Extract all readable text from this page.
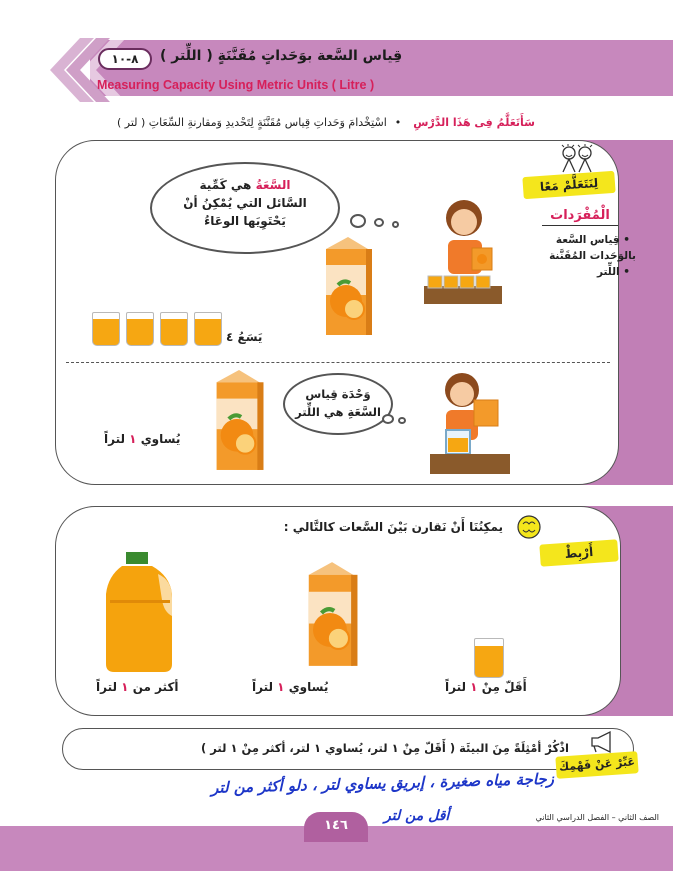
٨-١٠	قِياس السَّعة بوَحَداتٍ مُقَنَّنَةٍ ( اللِّتر )
Measuring Capacity Using Metric Units ( Litre )
سَأَتَعَلَّمُ فِى هَذَا الدَّرْسِ•اسْتِخْدامَ وَحَداتِ قِياس مُقَنَّنَةٍ لِتَحْديدِ وَمقارنةِ السِّعَاتِ ( لتر )
لِنَتَعَلَّمْ مَعًا
الْمُفْرَدات
• قِياس السَّعة
بالوَحَدات المُقَنَّنة
• اللِّتر
السَّعَةُ هي كَمِّية
السَّائل التي يُمْكِنُ أنْ
يَحْتَوِيَها الوعَاءُ
يَسَعُ ٤
وَحْدَة قِياس
السَّعَةِ هي اللِّتر
يُساوي ١ لتراً
أَرْبِطْ
يمكِنُنَا أَنْ نَقارن بَيْنَ السَّعات كالتَّالي :
أَقَلّ مِنْ ١ لتراً
يُساوي ١ لتراً
أكثر من ١ لتراً
عَبِّرْ عَنْ فَهْمِكَ
اذْكُرْ أمْثِلَةً مِنَ البيئَة ( أَقَلّ مِنْ ١ لتر، يُساوي ١ لتر، أكثر مِنْ ١ لتر )
زجاجة مياه صغيرة ، إبريق يساوي لتر ، دلو أكثر من لتر
أقل من لتر
١٤٦
الصف الثاني – الفصل الدراسي الثاني
